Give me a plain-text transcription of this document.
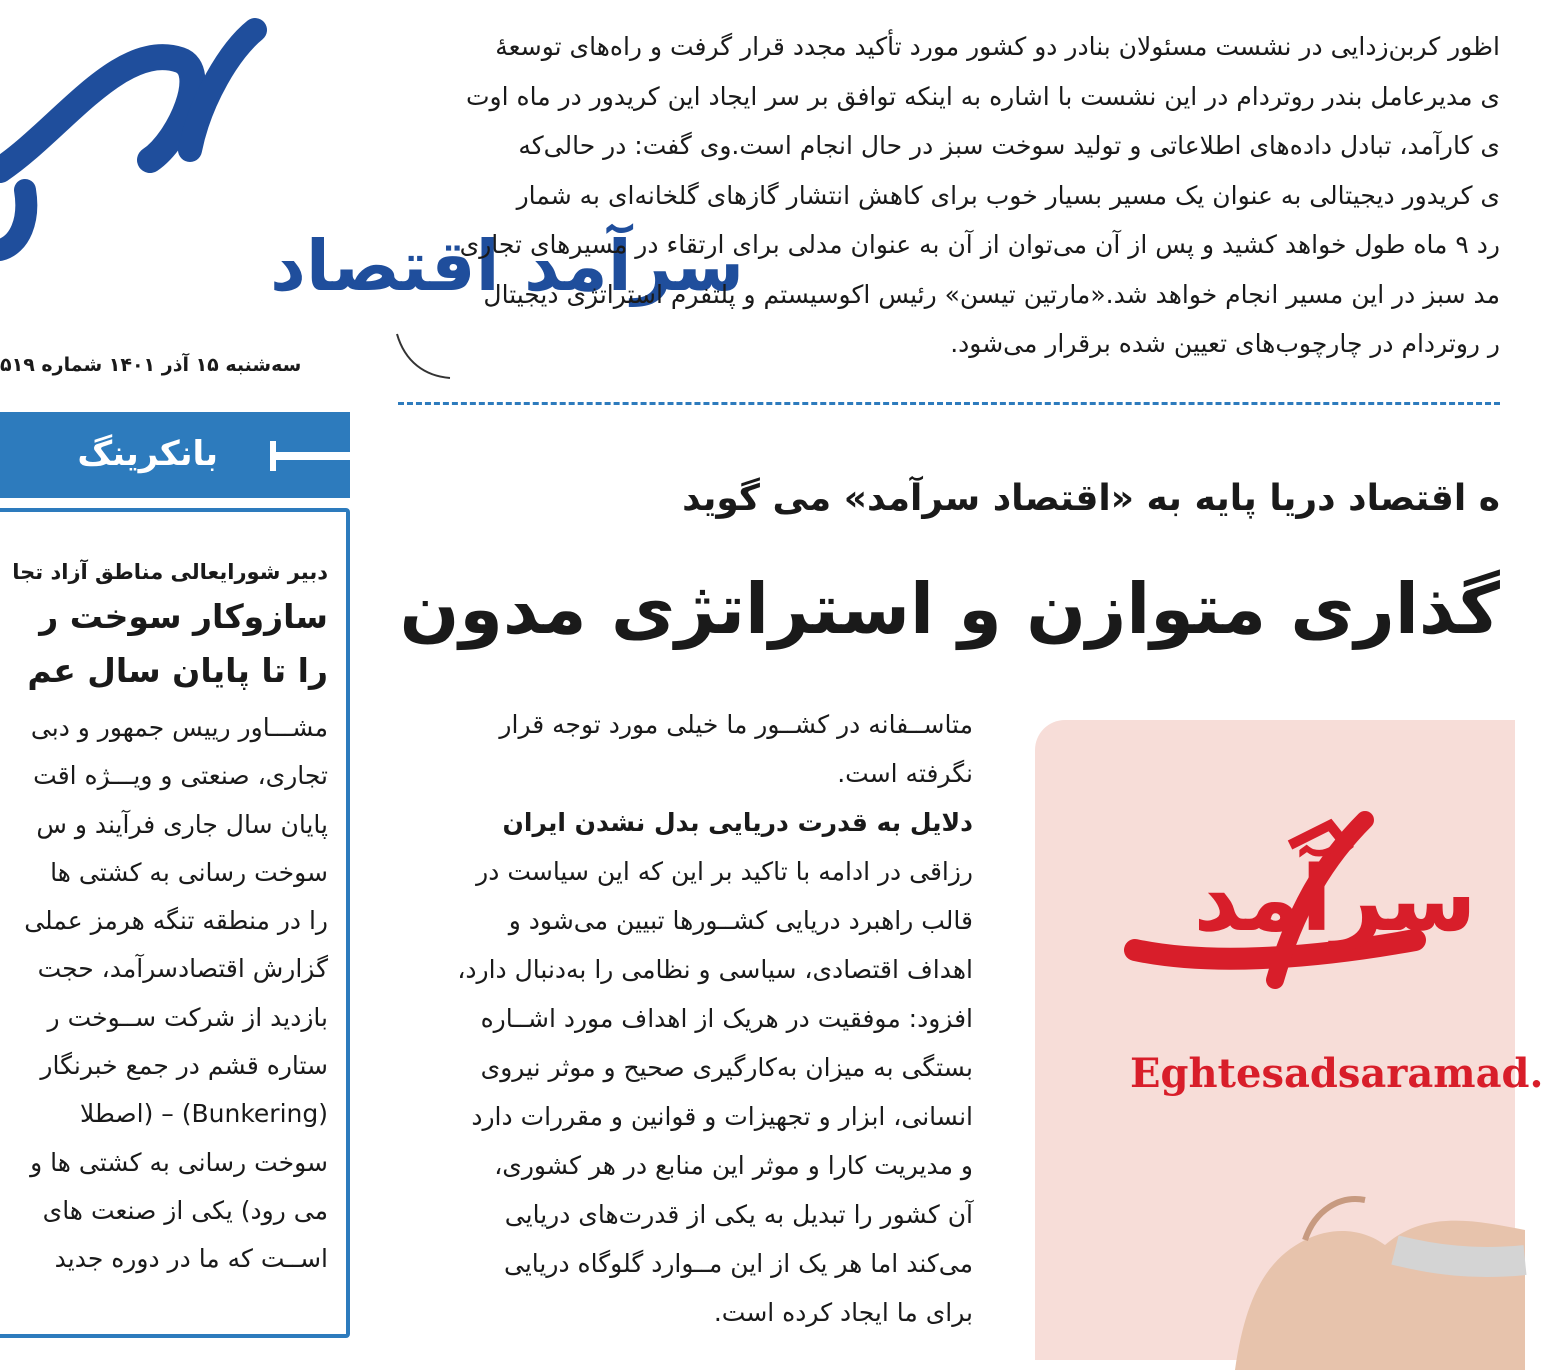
سرآمد اقتصاد
سه‌شنبه ۱۵ آذر ۱۴۰۱ شماره ۵۱۹
بانکرینگ
دبیر شورایعالی مناطق آزاد تجا
سازوکار سوخت ر
را تا پایان سال عم
مشـــاور رییس جمهور و دبی
تجاری، صنعتی و ویـــژه اقت
پایان سال جاری فرآیند و س
سوخت رسانی به کشتی ها
را در منطقه تنگه هرمز عملی
گزارش اقتصادسرآمد، حجت
بازدید از شرکت ســوخت ر
ستاره قشم در جمع خبرنگار
(Bunkering) – (اصطلا
سوخت رسانی به کشتی ها و
می رود) یکی از صنعت های
اســت که ما در دوره جدید
اظور کربن‌زدایی در نشست مسئولان بنادر دو کشور مورد تأکید مجدد قرار گرفت و راه‌های توسعهٔ
ی مدیرعامل بندر روتردام در این نشست با اشاره به اینکه توافق بر سر ایجاد این کریدور در ماه اوت
ی کارآمد، تبادل داده‌های اطلاعاتی و تولید سوخت سبز در حال انجام است.وی گفت: در حالی‌که
ی کریدور دیجیتالی به عنوان یک مسیر بسیار خوب برای کاهش انتشار گازهای گلخانه‌ای به شمار
رد ۹ ماه طول خواهد کشید و پس از آن می‌توان از آن به عنوان مدلی برای ارتقاء در مسیرهای تجاری
مد سبز در این مسیر انجام خواهد شد.«مارتین تیسن» رئیس اکوسیستم و پلتفرم استراتژی دیجیتال
ر روتردام در چارچوب‌های تعیین شده برقرار می‌شود.
ه اقتصاد دریا پایه به «اقتصاد سرآمد» می گوید
گذاری متوازن و استراتژی مدون

متاســفانه در کشــور ما خیلی مورد توجه قرار

نگرفته است.

دلایل به قدرت دریایی بدل نشدن ایران

رزاقی در ادامه با تاکید بر این که این سیاست در

قالب راهبرد دریایی کشــورها تبیین می‌شود و

اهداف اقتصادی، سیاسی و نظامی را به‌دنبال دارد،

افزود: موفقیت در هریک از اهداف مورد اشــاره

بستگی به میزان به‌کارگیری صحیح و موثر نیروی

انسانی، ابزار و تجهیزات و قوانین و مقررات دارد

و مدیریت کارا و موثر این منابع در هر کشوری،

آن کشور را تبدیل به یکی از قدرت‌های دریایی

می‌کند اما هر یک از این مــوارد گلوگاه دریایی

برای ما ایجاد کرده است.

سرآمد
Eghtesadsaramad.
